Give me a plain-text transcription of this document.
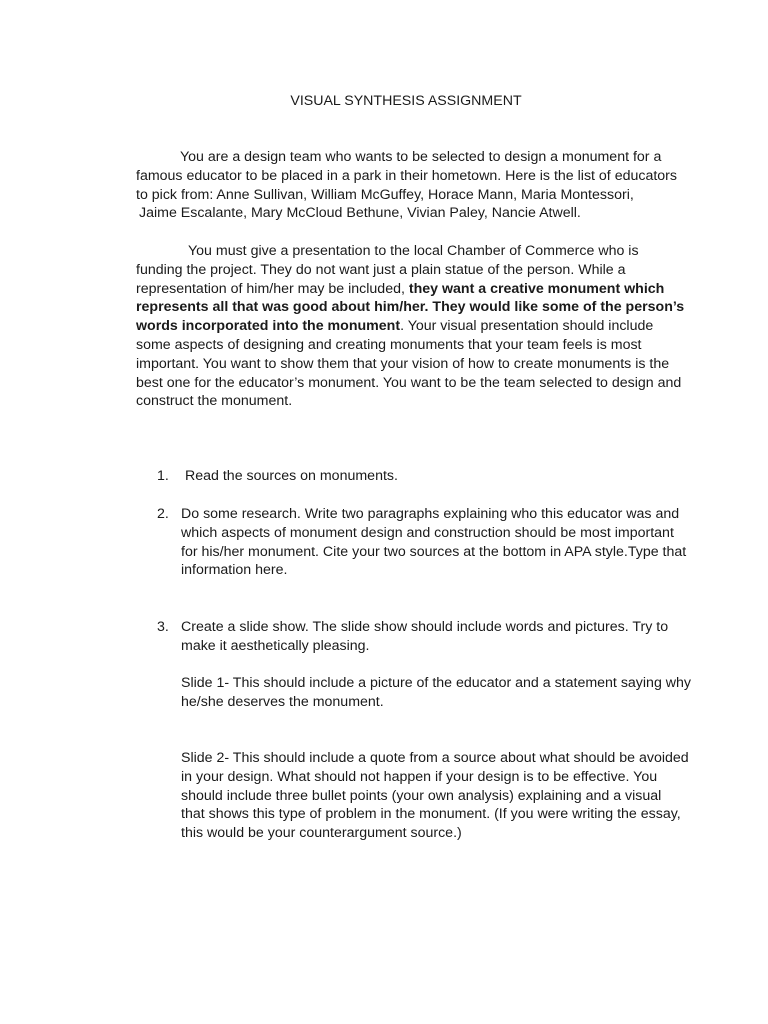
VISUAL SYNTHESIS ASSIGNMENT
You are a design team who wants to be selected to design a monument for a
famous educator to be placed in a park in their hometown. Here is the list of educators
to pick from: Anne Sullivan, William McGuffey, Horace Mann, Maria Montessori,
Jaime Escalante, Mary McCloud Bethune, Vivian Paley, Nancie Atwell.
You must give a presentation to the local Chamber of Commerce who is
funding the project. They do not want just a plain statue of the person. While a
representation of him/her may be included, they want a creative monument which
represents all that was good about him/her. They would like some of the person’s
words incorporated into the monument. Your visual presentation should include
some aspects of designing and creating monuments that your team feels is most
important. You want to show them that your vision of how to create monuments is the
best one for the educator’s monument. You want to be the team selected to design and
construct the monument.
1.	Read the sources on monuments.
2. Do some research. Write two paragraphs explaining who this educator was and
which aspects of monument design and construction should be most important
for his/her monument. Cite your two sources at the bottom in APA style.Type that
information here.
3. Create a slide show. The slide show should include words and pictures. Try to
make it aesthetically pleasing.
Slide 1- This should include a picture of the educator and a statement saying why
he/she deserves the monument.
Slide 2- This should include a quote from a source about what should be avoided
in your design. What should not happen if your design is to be effective. You
should include three bullet points (your own analysis) explaining and a visual
that shows this type of problem in the monument. (If you were writing the essay,
this would be your counterargument source.)
